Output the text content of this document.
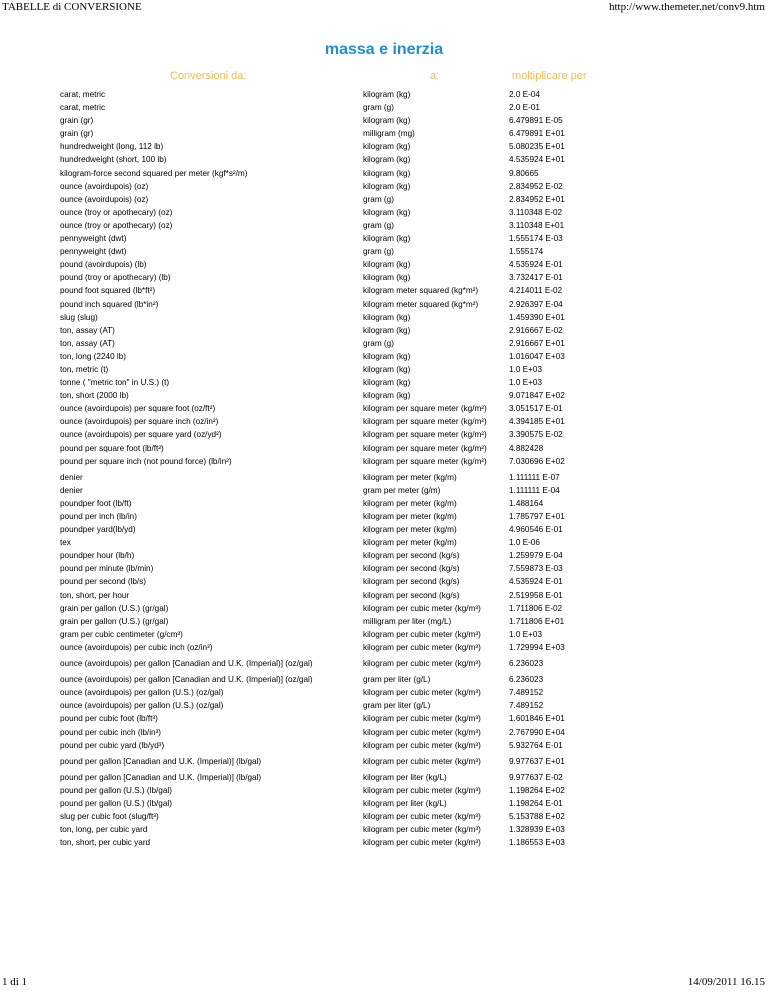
TABELLE di CONVERSIONE	http://www.themeter.net/conv9.htm
massa e inerzia
Conversioni da:	a:	moltiplicare per
carat, metric	kilogram (kg)	2.0 E-04
carat, metric	gram (g)	2.0 E-01
grain (gr)	kilogram (kg)	6.479891 E-05
grain (gr)	milligram (mg)	6.479891 E+01
hundredweight (long, 112 lb)	kilogram (kg)	5.080235 E+01
hundredweight (short, 100 lb)	kilogram (kg)	4.535924 E+01
kilogram-force second squared per meter (kgf*s²/m)	kilogram (kg)	9.80665
ounce (avoirdupois) (oz)	kilogram (kg)	2.834952 E-02
ounce (avoirdupois) (oz)	gram (g)	2.834952 E+01
ounce (troy or apothecary) (oz)	kilogram (kg)	3.110348 E-02
ounce (troy or apothecary) (oz)	gram (g)	3.110348 E+01
pennyweight (dwt)	kilogram (kg)	1.555174 E-03
pennyweight (dwt)	gram (g)	1.555174
pound (avoirdupois) (lb)	kilogram (kg)	4.535924 E-01
pound (troy or apothecary) (lb)	kilogram (kg)	3.732417 E-01
pound foot squared (lb*ft²)	kilogram meter squared (kg*m²)	4.214011 E-02
pound inch squared (lb*in²)	kilogram meter squared (kg*m²)	2.926397 E-04
slug (slug)	kilogram (kg)	1.459390 E+01
ton, assay (AT)	kilogram (kg)	2.916667 E-02
ton, assay (AT)	gram (g)	2.916667 E+01
ton, long (2240 lb)	kilogram (kg)	1.016047 E+03
ton, metric (t)	kilogram (kg)	1.0 E+03
tonne ( "metric ton" in U.S.) (t)	kilogram (kg)	1.0 E+03
ton, short (2000 lb)	kilogram (kg)	9.071847 E+02
ounce (avoirdupois) per square foot (oz/ft²)	kilogram per square meter (kg/m²)	3.051517 E-01
ounce (avoirdupois) per square inch (oz/in²)	kilogram per square meter (kg/m²)	4.394185 E+01
ounce (avoirdupois) per square yard (oz/yd²)	kilogram per square meter (kg/m²)	3.390575 E-02
pound per square foot (lb/ft²)	kilogram per square meter (kg/m²)	4.882428
pound per square inch (not pound force) (lb/in²)	kilogram per square meter (kg/m²)	7.030696 E+02

denier	kilogram per meter (kg/m)	1.111111 E-07
denier	gram per meter (g/m)	1.111111 E-04
poundper foot (lb/ft)	kilogram per meter (kg/m)	1.488164
pound per inch (lb/in)	kilogram per meter (kg/m)	1.785797 E+01
poundper yard(lb/yd)	kilogram per meter (kg/m)	4.960546 E-01
tex	kilogram per meter (kg/m)	1.0 E-06
poundper hour (lb/h)	kilogram per second (kg/s)	1.259979 E-04
pound per minute (lb/min)	kilogram per second (kg/s)	7.559873 E-03
pound per second (lb/s)	kilogram per second (kg/s)	4.535924 E-01
ton, short, per hour	kilogram per second (kg/s)	2.519958 E-01
grain per gallon (U.S.) (gr/gal)	kilogram per cubic meter (kg/m³)	1.711806 E-02
grain per gallon (U.S.) (gr/gal)	milligram per liter (mg/L)	1.711806 E+01
gram per cubic centimeter (g/cm³)	kilogram per cubic meter (kg/m³)	1.0 E+03
ounce (avoirdupois) per cubic inch (oz/in³)	kilogram per cubic meter (kg/m³)	1.729994 E+03

ounce (avoirdupois) per gallon [Canadian and U.K. (Imperial)] (oz/gal)	kilogram per cubic meter (kg/m³)	6.236023

ounce (avoirdupois) per gallon [Canadian and U.K. (Imperial)] (oz/gal)	gram per liter (g/L)	6.236023
ounce (avoirdupois) per gallon (U.S.) (oz/gal)	kilogram per cubic meter (kg/m³)	7.489152
ounce (avoirdupois) per gallon (U.S.) (oz/gal)	gram per liter (g/L)	7.489152
pound per cubic foot (lb/ft³)	kilogram per cubic meter (kg/m³)	1.601846 E+01
pound per cubic inch (lb/in³)	kilogram per cubic meter (kg/m³)	2.767990 E+04
pound per cubic yard (lb/yd³)	kilogram per cubic meter (kg/m³)	5.932764 E-01

pound per gallon [Canadian and U.K. (Imperial)] (lb/gal)	kilogram per cubic meter (kg/m³)	9.977637 E+01

pound per gallon [Canadian and U.K. (Imperial)] (lb/gal)	kilogram per liter (kg/L)	9.977637 E-02
pound per gallon (U.S.) (lb/gal)	kilogram per cubic meter (kg/m³)	1.198264 E+02
pound per gallon (U.S.) (lb/gal)	kilogram per liter (kg/L)	1.198264 E-01
slug per cubic foot (slug/ft³)	kilogram per cubic meter (kg/m³)	5.153788 E+02
ton, long, per cubic yard	kilogram per cubic meter (kg/m³)	1.328939 E+03
ton, short, per cubic yard	kilogram per cubic meter (kg/m³)	1.186553 E+03
1 di 1	14/09/2011 16.15
